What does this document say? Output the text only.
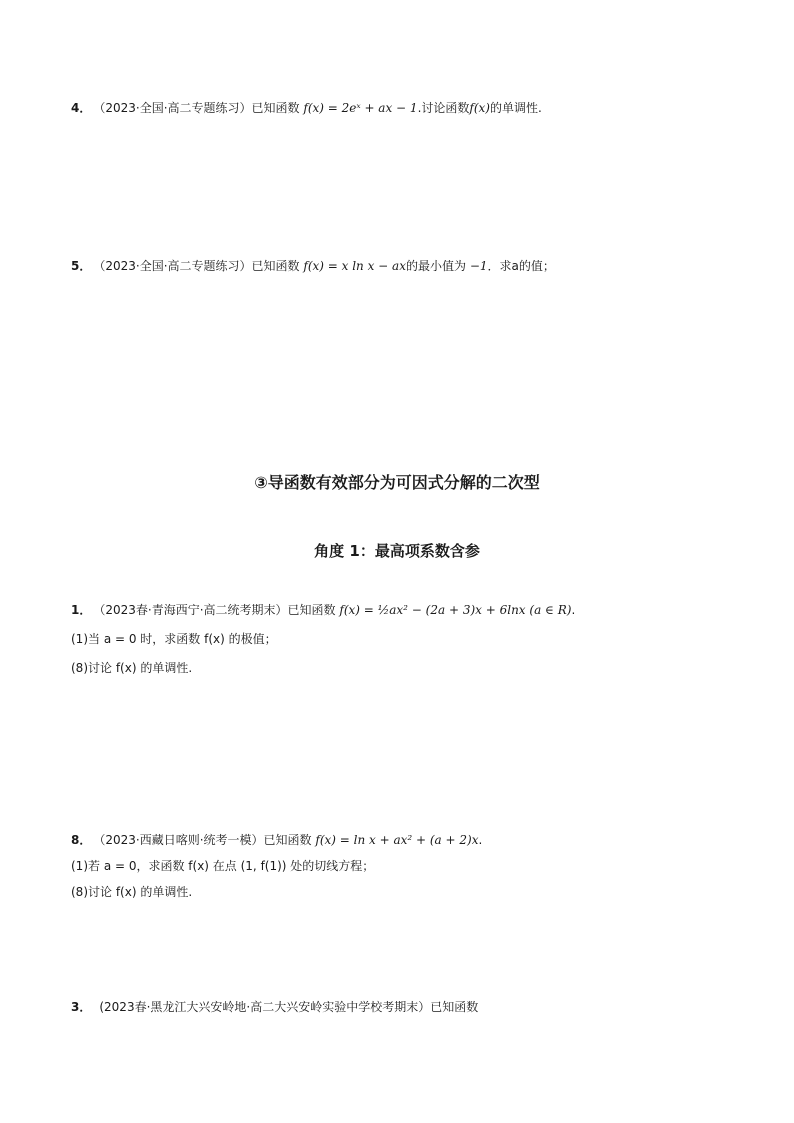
4． （2023·全国·高二专题练习）已知函数 f(x) = 2eˣ + ax − 1.讨论函数f(x)的单调性.
5． （2023·全国·高二专题练习）已知函数 f(x) = x ln x − ax的最小值为 −1．求a的值；
③导函数有效部分为可因式分解的二次型
角度 1：最高项系数含参
1． （2023春·青海西宁·高二统考期末）已知函数 f(x) = ½ax² − (2a + 3)x + 6lnx (a ∈ R).
(1)当 a = 0 时，求函数 f(x) 的极值；
(8)讨论 f(x) 的单调性.
8． （2023·西藏日喀则·统考一模）已知函数 f(x) = ln x + ax² + (a + 2)x.
(1)若 a = 0，求函数 f(x) 在点 (1, f(1)) 处的切线方程；
(8)讨论 f(x) 的单调性.
3． (2023春·黑龙江大兴安岭地·高二大兴安岭实验中学校考期末）已知函数
